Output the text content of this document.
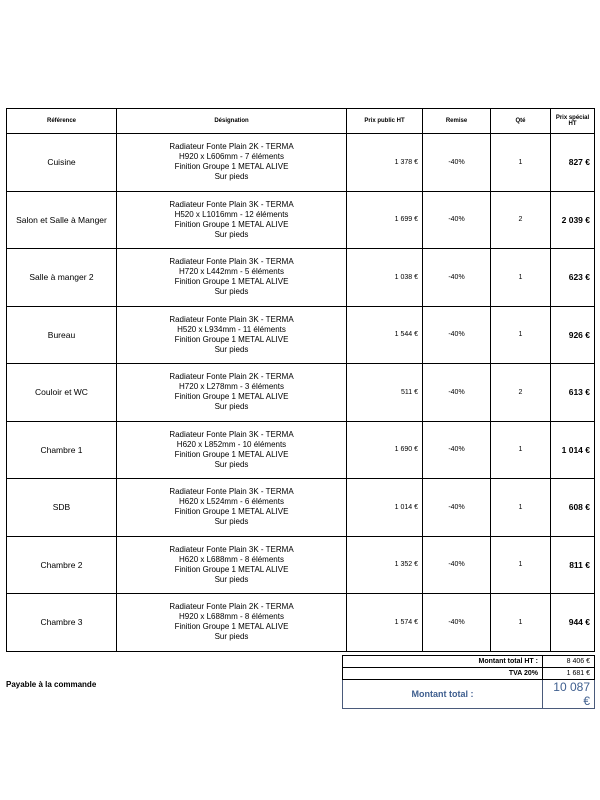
Référence	Désignation	Prix public HT	Remise	Qté	Prix spécial HT
Cuisine	Radiateur Fonte Plain 2K - TERMA
H920 x L606mm - 7 éléments
Finition Groupe 1 METAL ALIVE
Sur pieds	1 378 €	-40%	1	827 €
Salon et Salle à Manger	Radiateur Fonte Plain 3K - TERMA
H520 x L1016mm - 12 éléments
Finition Groupe 1 METAL ALIVE
Sur pieds	1 699 €	-40%	2	2 039 €
Salle à manger 2	Radiateur Fonte Plain 3K - TERMA
H720 x L442mm - 5 éléments
Finition Groupe 1 METAL ALIVE
Sur pieds	1 038 €	-40%	1	623 €
Bureau	Radiateur Fonte Plain 3K - TERMA
H520 x L934mm - 11 éléments
Finition Groupe 1 METAL ALIVE
Sur pieds	1 544 €	-40%	1	926 €
Couloir et WC	Radiateur Fonte Plain 2K - TERMA
H720 x L278mm - 3 éléments
Finition Groupe 1 METAL ALIVE
Sur pieds	511 €	-40%	2	613 €
Chambre 1	Radiateur Fonte Plain 3K - TERMA
H620 x L852mm - 10 éléments
Finition Groupe 1 METAL ALIVE
Sur pieds	1 690 €	-40%	1	1 014 €
SDB	Radiateur Fonte Plain 3K - TERMA
H620 x L524mm - 6 éléments
Finition Groupe 1 METAL ALIVE
Sur pieds	1 014 €	-40%	1	608 €
Chambre 2	Radiateur Fonte Plain 3K - TERMA
H620 x L688mm - 8 éléments
Finition Groupe 1 METAL ALIVE
Sur pieds	1 352 €	-40%	1	811 €
Chambre 3	Radiateur Fonte Plain 2K - TERMA
H920 x L688mm - 8 éléments
Finition Groupe 1 METAL ALIVE
Sur pieds	1 574 €	-40%	1	944 €
Montant total HT :	8 406 €
TVA 20%	1 681 €
Montant total :	10 087 €
Payable à la commande
